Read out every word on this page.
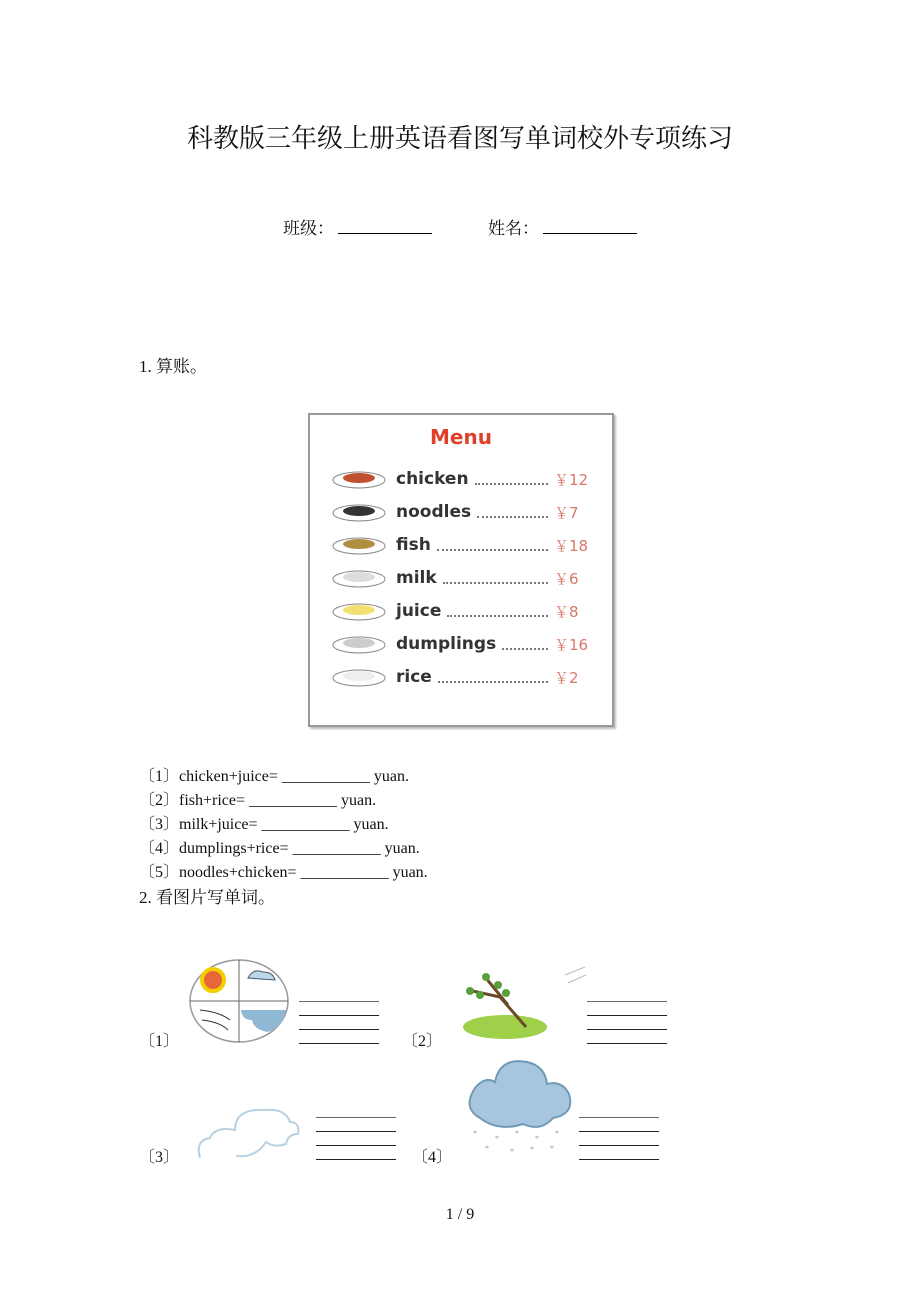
科教版三年级上册英语看图写单词校外专项练习
班级：	姓名：
1. 算账。
Menu
chicken	￥12
noodles	￥7
fish	￥18
milk	￥6
juice	￥8
dumplings	￥16
rice	￥2
〔1〕chicken+juice= ___________ yuan.
〔2〕fish+rice= ___________ yuan.
〔3〕milk+juice= ___________ yuan.
〔4〕dumplings+rice= ___________ yuan.
〔5〕noodles+chicken= ___________ yuan.
2. 看图片写单词。
〔1〕	〔2〕
〔3〕	〔4〕
*
*
*
*
*
*	* * *
1 / 9
